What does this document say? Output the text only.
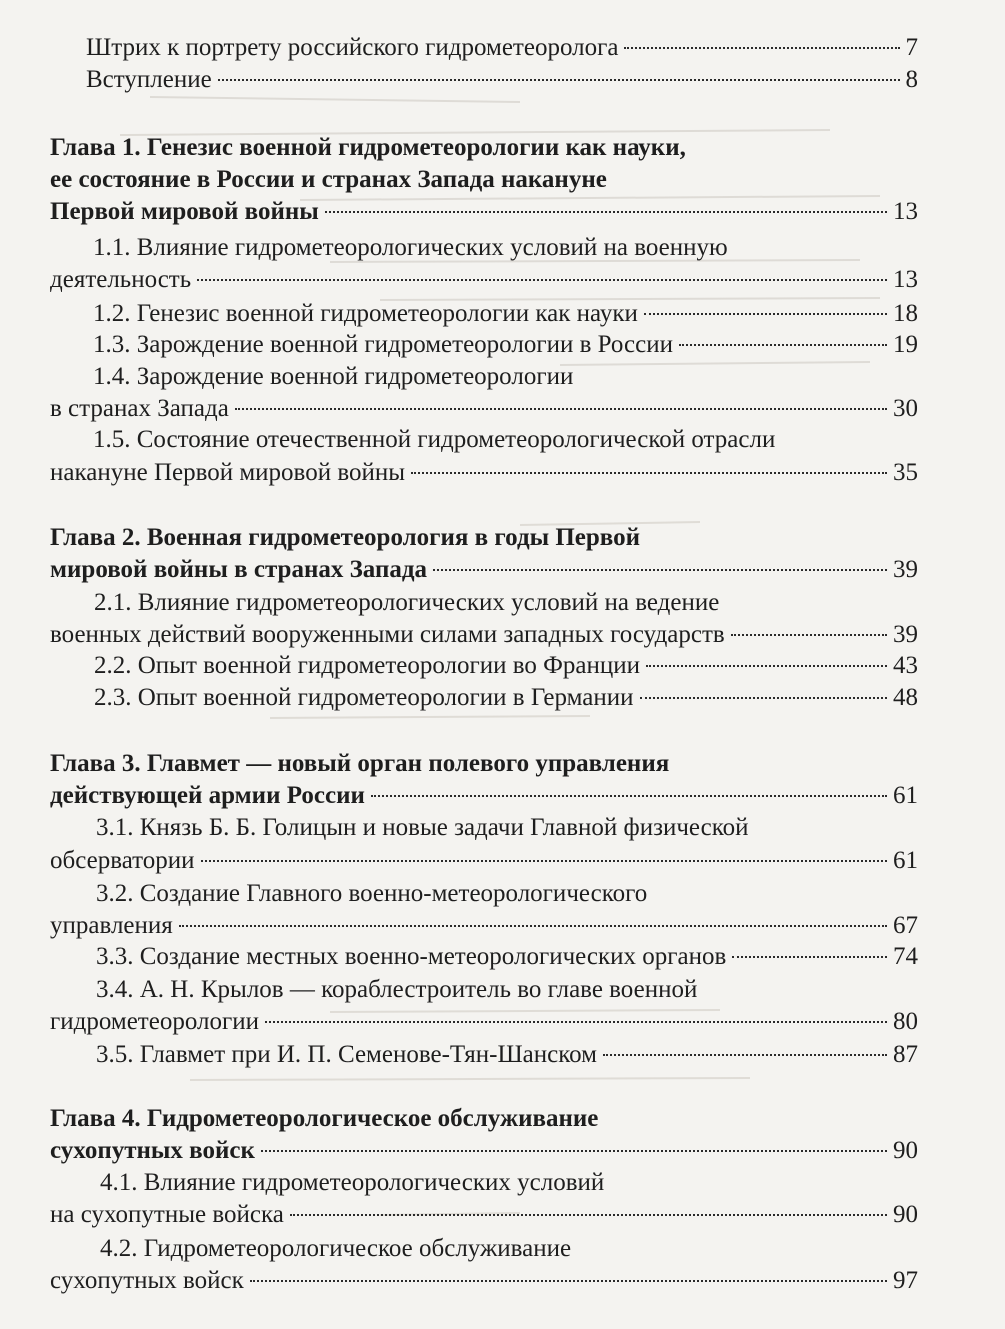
Штрих к портрету российского гидрометеоролога	7
Вступление	8
Глава 1. Генезис военной гидрометеорологии как науки,
ее состояние в России и странах Запада накануне
Первой мировой войны	13
1.1. Влияние гидрометеорологических условий на военную
деятельность	13
1.2. Генезис военной гидрометеорологии как науки	18
1.3. Зарождение военной гидрометеорологии в России	19
1.4. Зарождение военной гидрометеорологии
в странах Запада	30
1.5. Состояние отечественной гидрометеорологической отрасли
накануне Первой мировой войны	35
Глава 2. Военная гидрометеорология в годы Первой
мировой войны в странах Запада	39
2.1. Влияние гидрометеорологических условий на ведение
военных действий вооруженными силами западных государств	39
2.2. Опыт военной гидрометеорологии во Франции	43
2.3. Опыт военной гидрометеорологии в Германии	48
Глава 3. Главмет — новый орган полевого управления
действующей армии России	61
3.1. Князь Б. Б. Голицын и новые задачи Главной физической
обсерватории	61
3.2. Создание Главного военно-метеорологического
управления	67
3.3. Создание местных военно-метеорологических органов	74
3.4. А. Н. Крылов — кораблестроитель во главе военной
гидрометеорологии	80
3.5. Главмет при И. П. Семенове-Тян-Шанском	87
Глава 4. Гидрометеорологическое обслуживание
сухопутных войск	90
4.1. Влияние гидрометеорологических условий
на сухопутные войска	90
4.2. Гидрометеорологическое обслуживание
сухопутных войск	97
